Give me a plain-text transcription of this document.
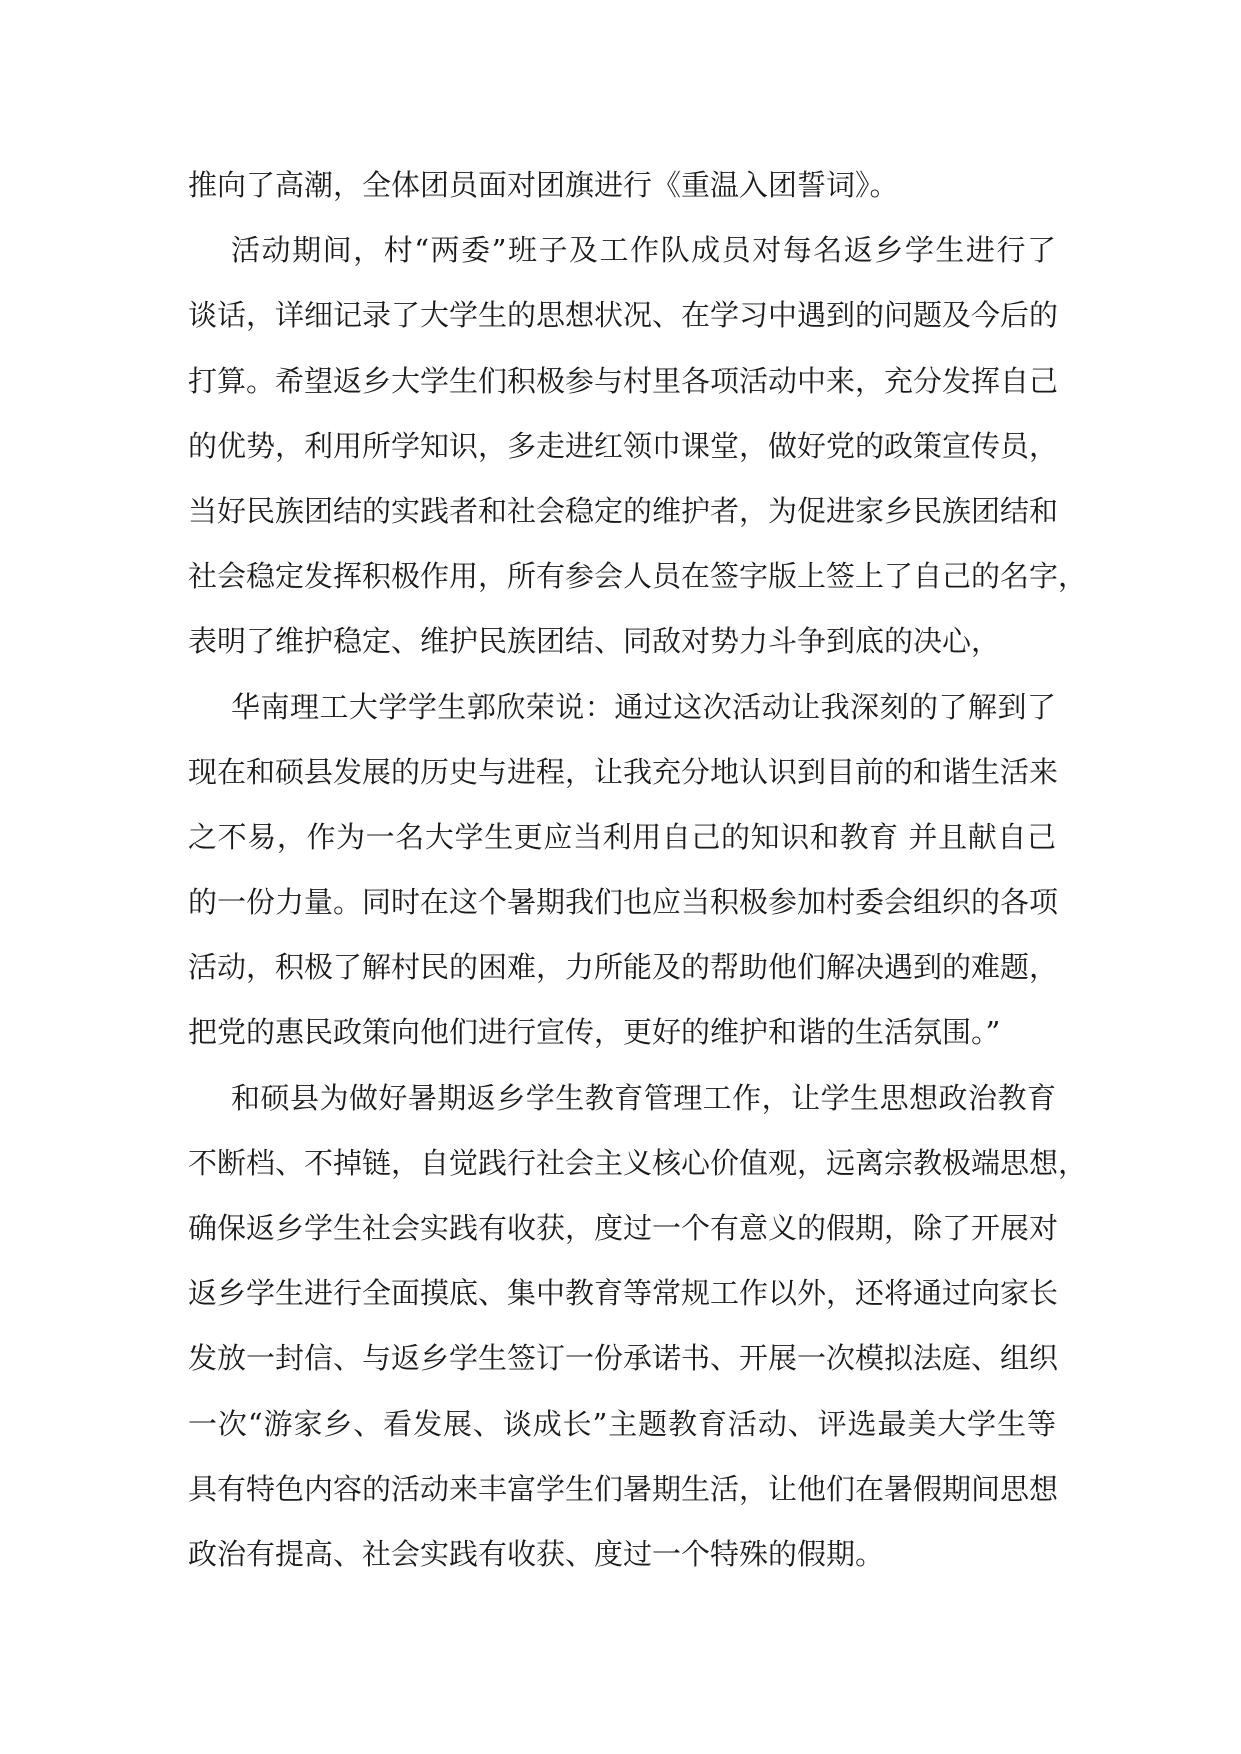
推向了高潮，全体团员面对团旗进行《重温入团誓词》。
活动期间，村“两委”班子及工作队成员对每名返乡学生进行了
谈话，详细记录了大学生的思想状况、在学习中遇到的问题及今后的
打算。希望返乡大学生们积极参与村里各项活动中来，充分发挥自己
的优势，利用所学知识，多走进红领巾课堂，做好党的政策宣传员，
当好民族团结的实践者和社会稳定的维护者，为促进家乡民族团结和
社会稳定发挥积极作用，所有参会人员在签字版上签上了自己的名字，
表明了维护稳定、维护民族团结、同敌对势力斗争到底的决心，
华南理工大学学生郭欣荣说：通过这次活动让我深刻的了解到了
现在和硕县发展的历史与进程，让我充分地认识到目前的和谐生活来
之不易，作为一名大学生更应当利用自己的知识和教育 并且献自己
的一份力量。同时在这个暑期我们也应当积极参加村委会组织的各项
活动，积极了解村民的困难，力所能及的帮助他们解决遇到的难题，
把党的惠民政策向他们进行宣传，更好的维护和谐的生活氛围。”
和硕县为做好暑期返乡学生教育管理工作，让学生思想政治教育
不断档、不掉链，自觉践行社会主义核心价值观，远离宗教极端思想，
确保返乡学生社会实践有收获，度过一个有意义的假期，除了开展对
返乡学生进行全面摸底、集中教育等常规工作以外，还将通过向家长
发放一封信、与返乡学生签订一份承诺书、开展一次模拟法庭、组织
一次“游家乡、看发展、谈成长”主题教育活动、评选最美大学生等
具有特色内容的活动来丰富学生们暑期生活，让他们在暑假期间思想
政治有提高、社会实践有收获、度过一个特殊的假期。
